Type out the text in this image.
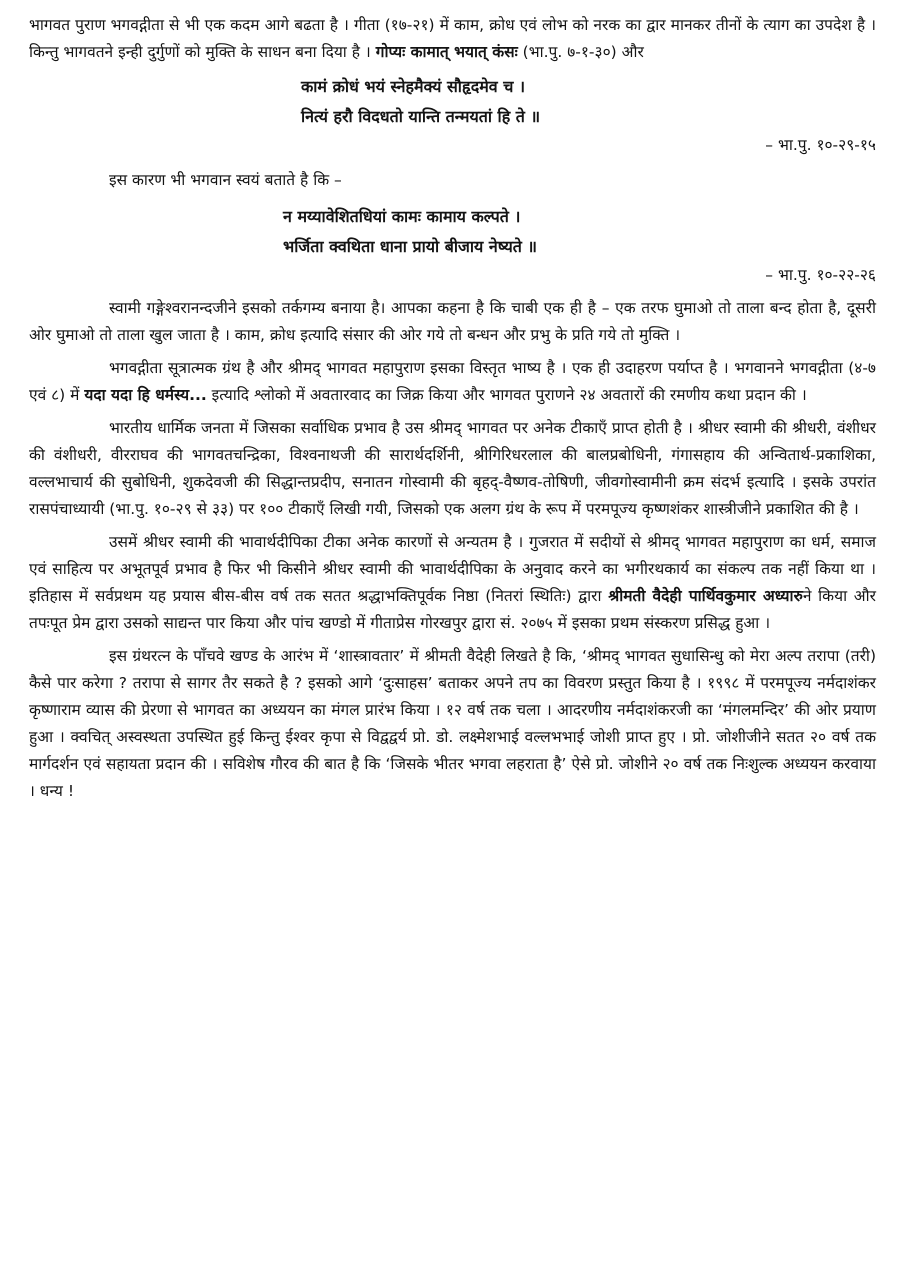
भागवत पुराण भगवद्गीता से भी एक कदम आगे बढता है । गीता (१७-२१) में काम, क्रोध एवं लोभ को नरक का द्वार मानकर तीनों के त्याग का उपदेश है । किन्तु भागवतने इन्ही दुर्गुणों को मुक्ति के साधन बना दिया है । गोप्यः कामात् भयात् कंसः (भा.पु. ७-१-३०) और

कामं क्रोधं भयं स्नेहमैक्यं सौहृदमेव च ।
नित्यं हरौ विदधतो यान्ति तन्मयतां हि ते ॥
– भा.पु. १०-२९-१५

इस कारण भी भगवान स्वयं बताते है कि –

न मय्यावेशितधियां कामः कामाय कल्पते ।
भर्जिता क्वथिता धाना प्रायो बीजाय नेष्यते ॥
– भा.पु. १०-२२-२६

स्वामी गङ्गेश्वरानन्दजीने इसको तर्कगम्य बनाया है। आपका कहना है कि चाबी एक ही है – एक तरफ घुमाओ तो ताला बन्द होता है, दूसरी ओर घुमाओ तो ताला खुल जाता है । काम, क्रोध इत्यादि संसार की ओर गये तो बन्धन और प्रभु के प्रति गये तो मुक्ति ।

भगवद्गीता सूत्रात्मक ग्रंथ है और श्रीमद् भागवत महापुराण इसका विस्तृत भाष्य है । एक ही उदाहरण पर्याप्त है । भगवानने भगवद्गीता (४-७ एवं ८) में यदा यदा हि धर्मस्य... इत्यादि श्लोको में अवतारवाद का जिक्र किया और भागवत पुराणने २४ अवतारों की रमणीय कथा प्रदान की ।

भारतीय धार्मिक जनता में जिसका सर्वाधिक प्रभाव है उस श्रीमद् भागवत पर अनेक टीकाएँ प्राप्त होती है । श्रीधर स्वामी की श्रीधरी, वंशीधर की वंशीधरी, वीरराघव की भागवतचन्द्रिका, विश्वनाथजी की सारार्थदर्शिनी, श्रीगिरिधरलाल की बालप्रबोधिनी, गंगासहाय की अन्वितार्थ-प्रकाशिका, वल्लभाचार्य की सुबोधिनी, शुकदेवजी की सिद्धान्तप्रदीप, सनातन गोस्वामी की बृहद्-वैष्णव-तोषिणी, जीवगोस्वामीनी क्रम संदर्भ इत्यादि । इसके उपरांत रासपंचाध्यायी (भा.पु. १०-२९ से ३३) पर १०० टीकाएँ लिखी गयी, जिसको एक अलग ग्रंथ के रूप में परमपूज्य कृष्णशंकर शास्त्रीजीने प्रकाशित की है ।

उसमें श्रीधर स्वामी की भावार्थदीपिका टीका अनेक कारणों से अन्यतम है । गुजरात में सदीयों से श्रीमद् भागवत महापुराण का धर्म, समाज एवं साहित्य पर अभूतपूर्व प्रभाव है फिर भी किसीने श्रीधर स्वामी की भावार्थदीपिका के अनुवाद करने का भगीरथकार्य का संकल्प तक नहीं किया था । इतिहास में सर्वप्रथम यह प्रयास बीस-बीस वर्ष तक सतत श्रद्धाभक्तिपूर्वक निष्ठा (नितरां स्थितिः) द्वारा श्रीमती वैदेही पार्थिवकुमार अध्यारुने किया और तपःपूत प्रेम द्वारा उसको साद्यन्त पार किया और पांच खण्डो में गीताप्रेस गोरखपुर द्वारा सं. २०७५ में इसका प्रथम संस्करण प्रसिद्ध हुआ ।

इस ग्रंथरत्न के पाँचवे खण्ड के आरंभ में ‘शास्त्रावतार’ में श्रीमती वैदेही लिखते है कि, ‘श्रीमद् भागवत सुधासिन्धु को मेरा अल्प तरापा (तरी) कैसे पार करेगा ? तरापा से सागर तैर सकते है ? इसको आगे ‘दुःसाहस’ बताकर अपने तप का विवरण प्रस्तुत किया है । १९९८ में परमपूज्य नर्मदाशंकर कृष्णाराम व्यास की प्रेरणा से भागवत का अध्ययन का मंगल प्रारंभ किया । १२ वर्ष तक चला । आदरणीय नर्मदाशंकरजी का ‘मंगलमन्दिर’ की ओर प्रयाण हुआ । क्वचित् अस्वस्थता उपस्थित हुई किन्तु ईश्वर कृपा से विद्वद्वर्य प्रो. डो. लक्ष्मेशभाई वल्लभभाई जोशी प्राप्त हुए । प्रो. जोशीजीने सतत २० वर्ष तक मार्गदर्शन एवं सहायता प्रदान की । सविशेष गौरव की बात है कि ‘जिसके भीतर भगवा लहराता है’ ऐसे प्रो. जोशीने २० वर्ष तक निःशुल्क अध्ययन करवाया । धन्य !
